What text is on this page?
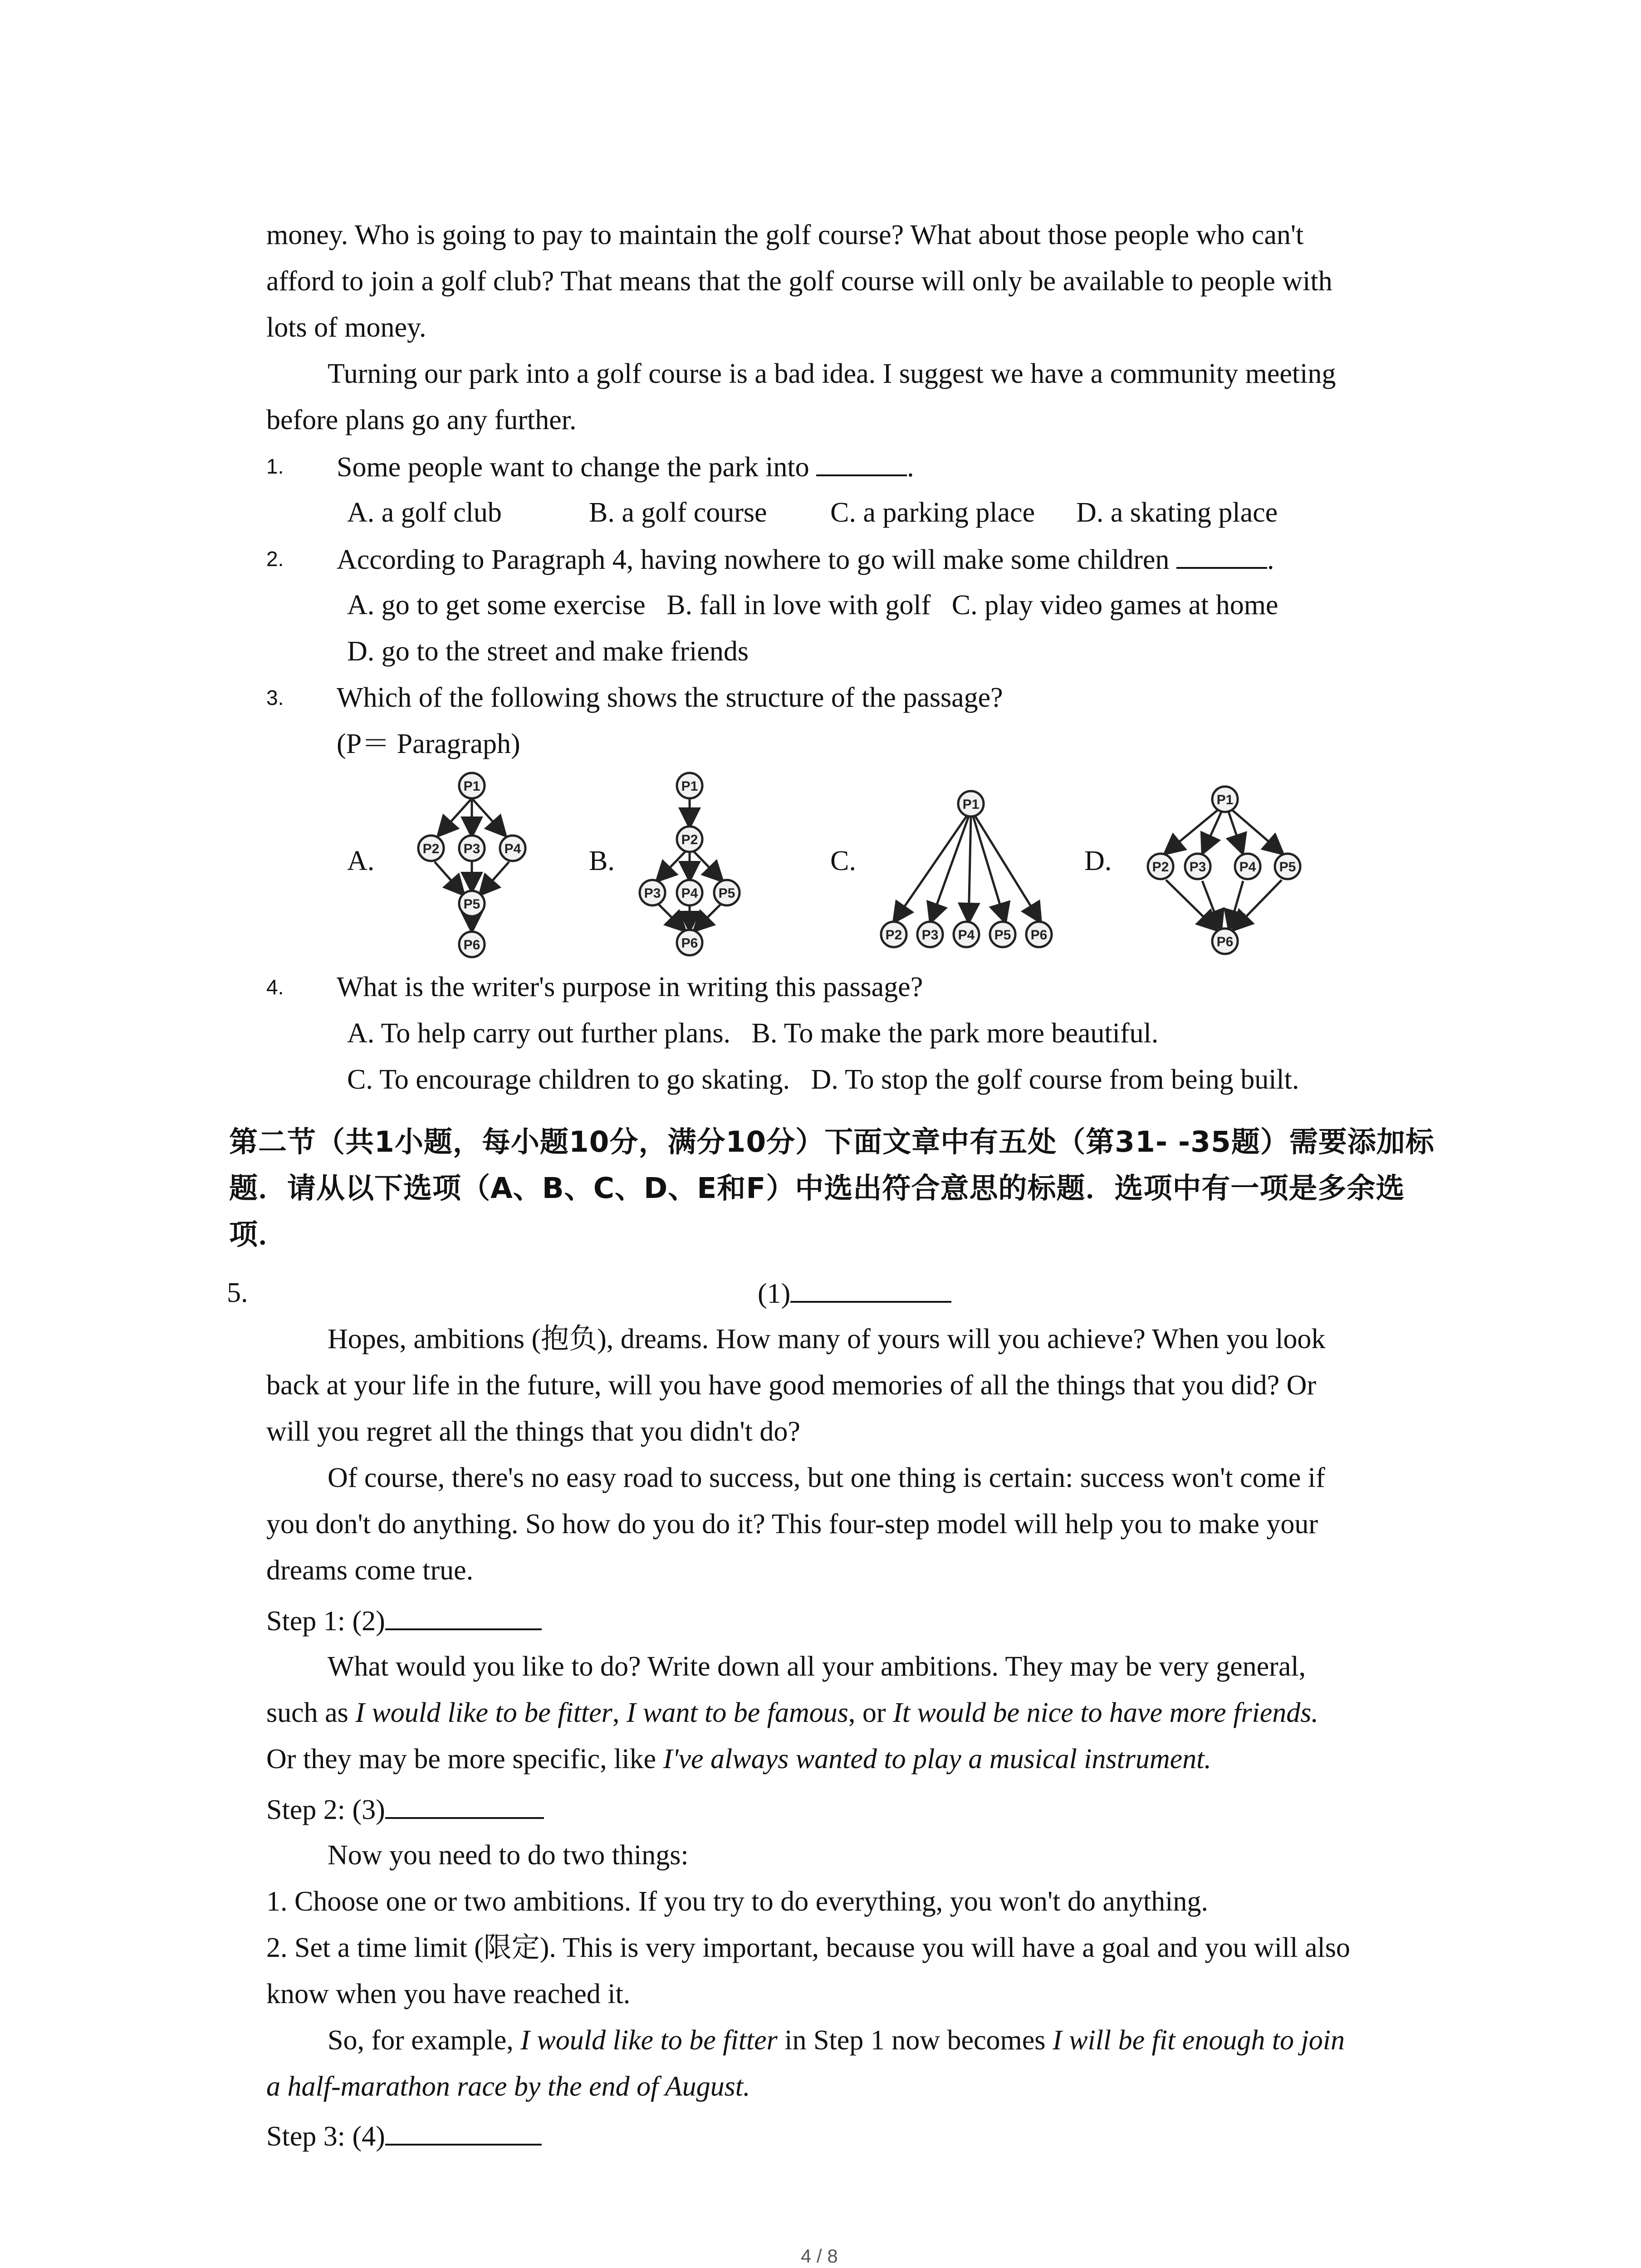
money. Who is going to pay to maintain the golf course? What about those people who can't
afford to join a golf club? That means that the golf course will only be available to people with
lots of money.
Turning our park into a golf course is a bad idea. I suggest we have a community meeting
before plans go any further.
1. Some people want to change the park into	.
A. a golf club	B. a golf course C. a parking place D. a skating place
2. According to Paragraph 4, having nowhere to go will make some children	.
A. go to get some exercise   B. fall in love with golf   C. play video games at home
D. go to the street and make friends
3. Which of the following shows the structure of the passage?
(P＝ Paragraph)
A.	B.	C.	D.
P1
P2 P3 P4
P5
P6
P1
P2
P3 P4 P5
P6
P1
P2 P3 P4 P5 P6
P1
P2 P3 P4 P5
P6
4. What is the writer's purpose in writing this passage?
A. To help carry out further plans.   B. To make the park more beautiful.
C. To encourage children to go skating.   D. To stop the golf course from being built.
第二节（共1小题，每小题10分，满分10分）下面文章中有五处（第31- -35题）需要添加标
题．请从以下选项（A、B、C、D、E和F）中选出符合意思的标题．选项中有一项是多余选
项．
5.	(1)
Hopes, ambitions (抱负), dreams. How many of yours will you achieve? When you look
back at your life in the future, will you have good memories of all the things that you did? Or
will you regret all the things that you didn't do?
Of course, there's no easy road to success, but one thing is certain: success won't come if
you don't do anything. So how do you do it? This four-step model will help you to make your
dreams come true.
Step 1: (2)
What would you like to do? Write down all your ambitions. They may be very general,
such as I would like to be fitter, I want to be famous, or It would be nice to have more friends.
Or they may be more specific, like I've always wanted to play a musical instrument.
Step 2: (3)
Now you need to do two things:
1. Choose one or two ambitions. If you try to do everything, you won't do anything.
2. Set a time limit (限定). This is very important, because you will have a goal and you will also
know when you have reached it.
So, for example, I would like to be fitter in Step 1 now becomes I will be fit enough to join
a half-marathon race by the end of August.
Step 3: (4)
4 / 8
